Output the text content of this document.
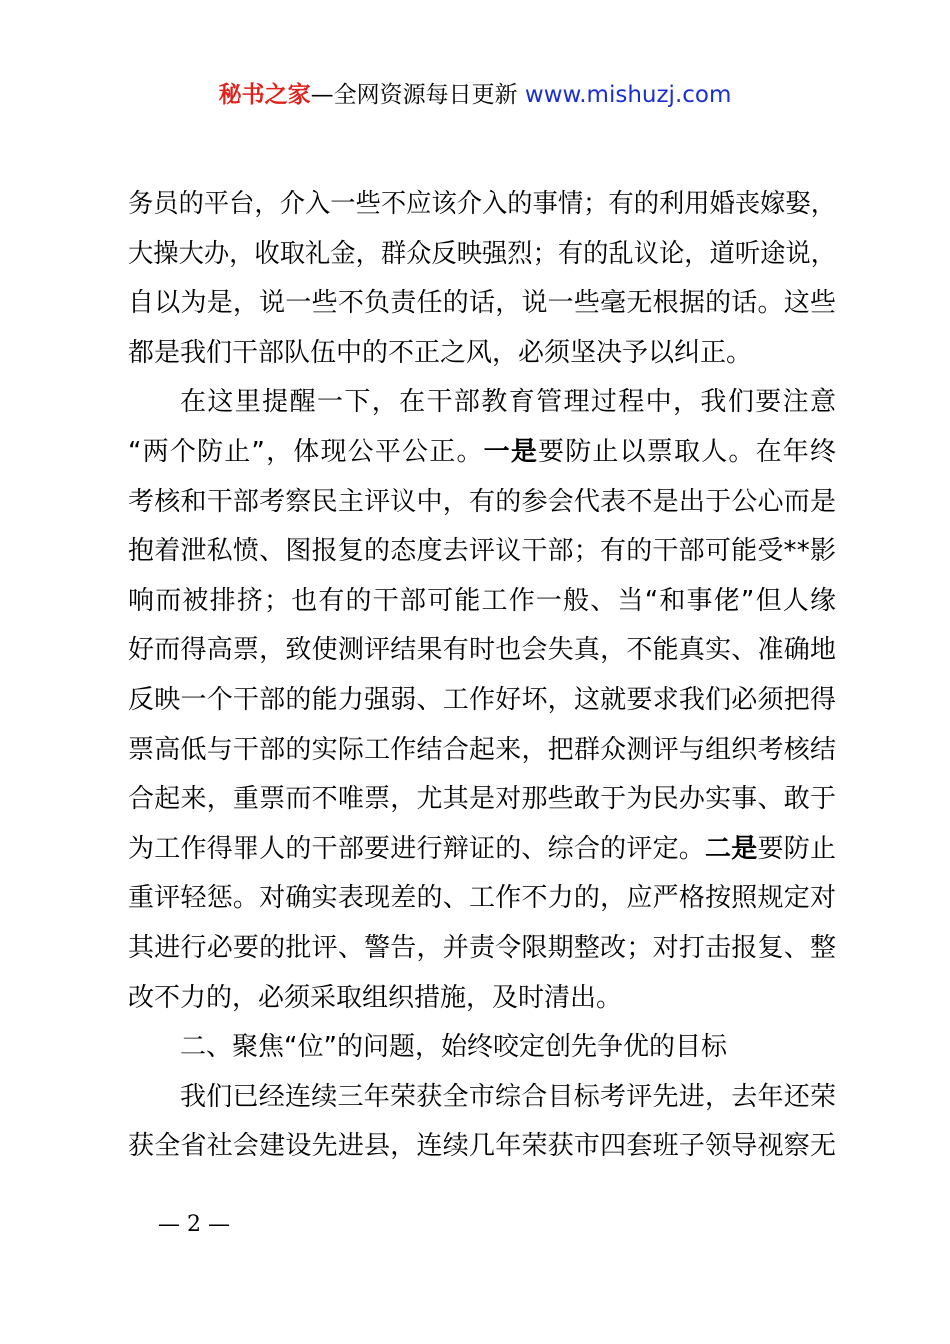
秘书之家—全网资源每日更新 www.mishuzj.com
务员的平台，介入一些不应该介入的事情；有的利用婚丧嫁娶，
大操大办，收取礼金，群众反映强烈；有的乱议论，道听途说，
自以为是，说一些不负责任的话，说一些毫无根据的话。这些
都是我们干部队伍中的不正之风，必须坚决予以纠正。
在这里提醒一下，在干部教育管理过程中，我们要注意
“两个防止”，体现公平公正。一是要防止以票取人。在年终
考核和干部考察民主评议中，有的参会代表不是出于公心而是
抱着泄私愤、图报复的态度去评议干部；有的干部可能受**影
响而被排挤；也有的干部可能工作一般、当“和事佬”但人缘
好而得高票，致使测评结果有时也会失真，不能真实、准确地
反映一个干部的能力强弱、工作好坏，这就要求我们必须把得
票高低与干部的实际工作结合起来，把群众测评与组织考核结
合起来，重票而不唯票，尤其是对那些敢于为民办实事、敢于
为工作得罪人的干部要进行辩证的、综合的评定。二是要防止
重评轻惩。对确实表现差的、工作不力的，应严格按照规定对
其进行必要的批评、警告，并责令限期整改；对打击报复、整
改不力的，必须采取组织措施，及时清出。
二、聚焦“位”的问题，始终咬定创先争优的目标
我们已经连续三年荣获全市综合目标考评先进，去年还荣
获全省社会建设先进县，连续几年荣获市四套班子领导视察无
— 2 —
